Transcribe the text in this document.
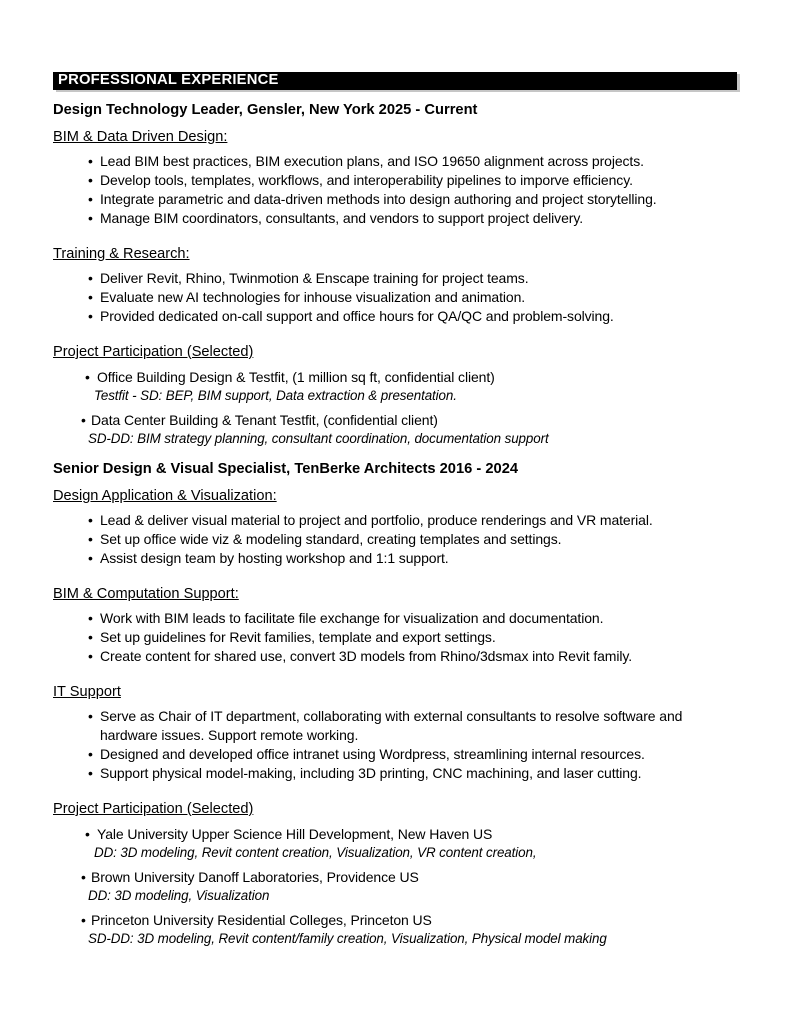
PROFESSIONAL EXPERIENCE
Design Technology Leader, Gensler, New York 2025 - Current
BIM & Data Driven Design:
• Lead BIM best practices, BIM execution plans, and ISO 19650 alignment across projects.
• Develop tools, templates, workflows, and interoperability pipelines to imporve efficiency.
• Integrate parametric and data-driven methods into design authoring and project storytelling.
• Manage BIM coordinators, consultants, and vendors to support project delivery.
Training & Research:
• Deliver Revit, Rhino, Twinmotion & Enscape training for project teams.
• Evaluate new AI technologies for inhouse visualization and animation.
• Provided dedicated on-call support and office hours for QA/QC and problem-solving.
Project Participation (Selected)
• Office Building Design & Testfit, (1 million sq ft, confidential client)
Testfit - SD: BEP, BIM support, Data extraction & presentation.
• Data Center Building & Tenant Testfit, (confidential client)
SD-DD: BIM strategy planning, consultant coordination, documentation support
Senior Design & Visual Specialist, TenBerke Architects 2016 - 2024
Design Application & Visualization:
• Lead & deliver visual material to project and portfolio, produce renderings and VR material.
• Set up office wide viz & modeling standard, creating templates and settings.
• Assist design team by hosting workshop and 1:1 support.
BIM & Computation Support:
• Work with BIM leads to facilitate file exchange for visualization and documentation.
• Set up guidelines for Revit families, template and export settings.
• Create content for shared use, convert 3D models from Rhino/3dsmax into Revit family.
IT Support
• Serve as Chair of IT department, collaborating with external consultants to resolve software and hardware issues. Support remote working.
• Designed and developed office intranet using Wordpress, streamlining internal resources.
• Support physical model-making, including 3D printing, CNC machining, and laser cutting.
Project Participation (Selected)
• Yale University Upper Science Hill Development, New Haven US
DD: 3D modeling, Revit content creation, Visualization, VR content creation,
• Brown University Danoff Laboratories, Providence US
DD: 3D modeling, Visualization
• Princeton University Residential Colleges, Princeton US
SD-DD: 3D modeling, Revit content/family creation, Visualization, Physical model making
